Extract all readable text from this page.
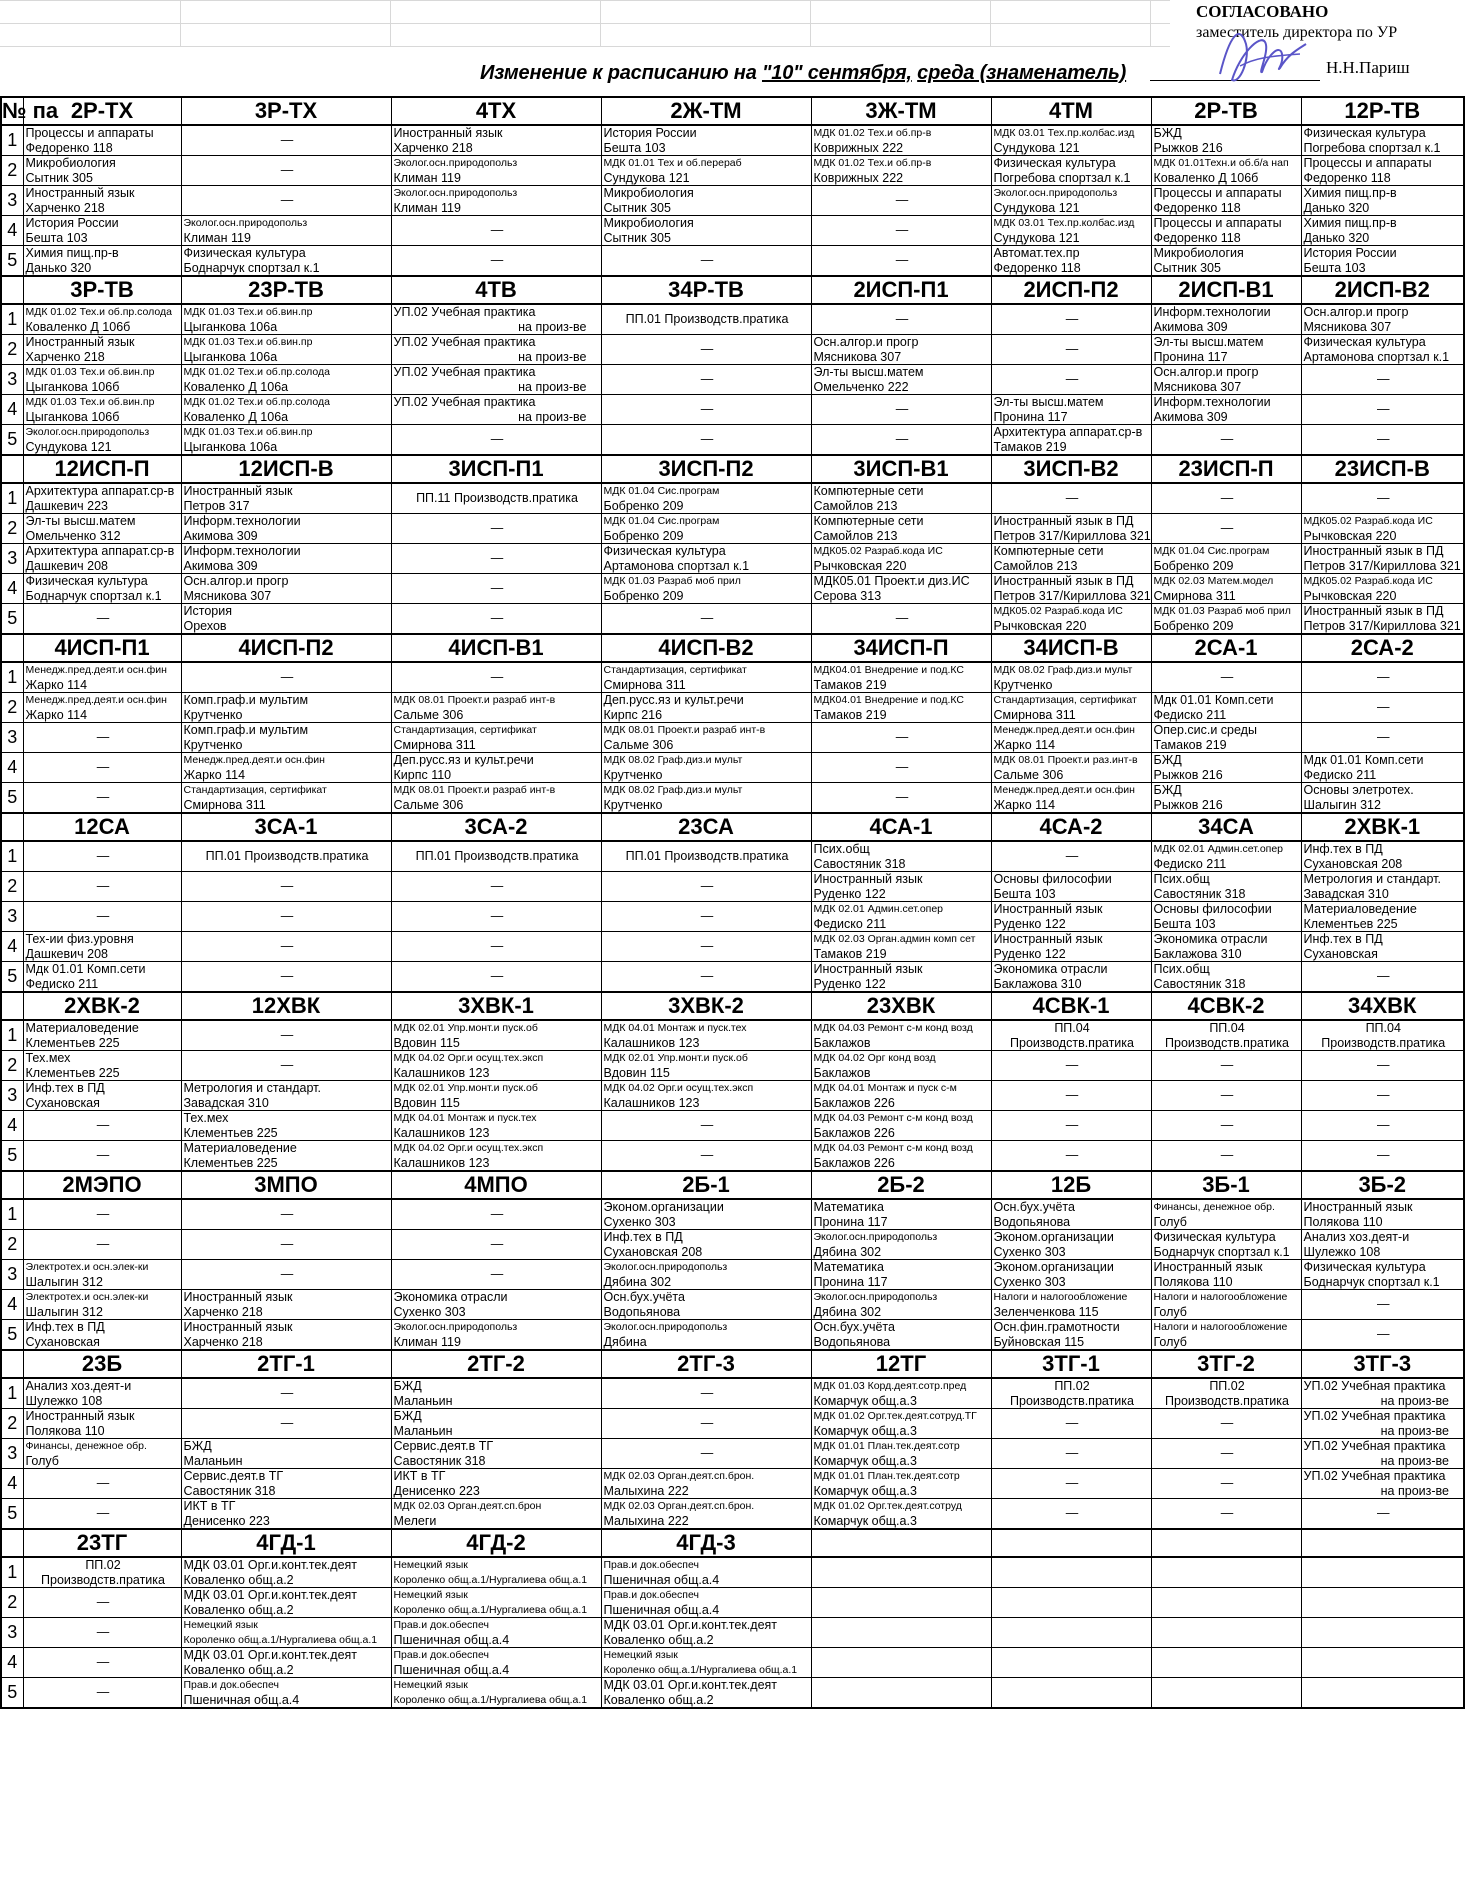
СОГЛАСОВАНО
заместитель директора по УР
Н.Н.Париш
Изменение к расписанию на "10" сентября, среда (знаменатель)
№ па	2Р-ТХ	3Р-ТХ	4ТХ	2Ж-ТМ	3Ж-ТМ	4ТМ	2Р-ТВ	12Р-ТВ
1	Процессы и аппараты
Федоренко 118	—	Иностранный язык
Харченко 218	История России
Бешта 103	МДК 01.02 Тех.и об.пр-в
Коврижных 222	МДК 03.01 Тех.пр.колбас.изд
Сундукова 121	БЖД
Рыжков 216	Физическая культура
Погребова спортзал к.1

2	Микробиология
Сытник 305	—	Эколог.осн.природопольз
Климан 119	МДК 01.01 Тех и об.перераб
Сундукова 121	МДК 01.02 Тех.и об.пр-в
Коврижных 222	Физическая культура
Погребова спортзал к.1	МДК 01.01Техн.и об.б/а нап
Коваленко Д 106б	Процессы и аппараты
Федоренко 118

3	Иностранный язык
Харченко 218	—	Эколог.осн.природопольз
Климан 119	Микробиология
Сытник 305	—	Эколог.осн.природопольз
Сундукова 121	Процессы и аппараты
Федоренко 118	Химия пищ.пр-в
Данько 320

4	История России
Бешта 103	Эколог.осн.природопольз
Климан 119	—	Микробиология
Сытник 305	—	МДК 03.01 Тех.пр.колбас.изд
Сундукова 121	Процессы и аппараты
Федоренко 118	Химия пищ.пр-в
Данько 320

5	Химия пищ.пр-в
Данько 320	Физическая культура
Боднарчук спортзал к.1	—	—	—	Автомат.тех.пр
Федоренко 118	Микробиология
Сытник 305	История России
Бешта 103

	3Р-ТВ	23Р-ТВ	4ТВ	34Р-ТВ	2ИСП-П1	2ИСП-П2	2ИСП-В1	2ИСП-В2
1	МДК 01.02 Тех.и об.пр.солода
Коваленко Д 106б	МДК 01.03 Тех.и об.вин.пр
Цыганкова 106а	УП.02 Учебная практика
на произ-ве	ПП.01 Производств.пратика	—	—	Информ.технологии
Акимова 309	Осн.алгор.и прогр
Мясникова 307

2	Иностранный язык
Харченко 218	МДК 01.03 Тех.и об.вин.пр
Цыганкова 106а	УП.02 Учебная практика
на произ-ве	—	Осн.алгор.и прогр
Мясникова 307	—	Эл-ты высш.матем
Пронина 117	Физическая культура
Артамонова спортзал к.1

3	МДК 01.03 Тех.и об.вин.пр
Цыганкова 106б	МДК 01.02 Тех.и об.пр.солода
Коваленко Д 106а	УП.02 Учебная практика
на произ-ве	—	Эл-ты высш.матем
Омельченко 222	—	Осн.алгор.и прогр
Мясникова 307	—
4	МДК 01.03 Тех.и об.вин.пр
Цыганкова 106б	МДК 01.02 Тех.и об.пр.солода
Коваленко Д 106а	УП.02 Учебная практика
на произ-ве	—	—	Эл-ты высш.матем
Пронина 117	Информ.технологии
Акимова 309	—
5	Эколог.осн.природопольз
Сундукова 121	МДК 01.03 Тех.и об.вин.пр
Цыганкова 106а	—	—	—	Архитектура аппарат.ср-в
Тамаков 219	—	—
	12ИСП-П	12ИСП-В	3ИСП-П1	3ИСП-П2	3ИСП-В1	3ИСП-В2	23ИСП-П	23ИСП-В
1	Архитектура аппарат.ср-в
Дашкевич 223	Иностранный язык
Петров 317	ПП.11 Производств.пратика	МДК 01.04 Сис.програм
Бобренко 209	Компютерные сети
Самойлов 213	—	—	—
2	Эл-ты высш.матем
Омельченко 312	Информ.технологии
Акимова 309	—	МДК 01.04 Сис.програм
Бобренко 209	Компютерные сети
Самойлов 213	Иностранный язык в ПД
Петров 317/Кириллова 321	—	МДК05.02 Разраб.кода ИС
Рычковская 220

3	Архитектура аппарат.ср-в
Дашкевич 208	Информ.технологии
Акимова 309	—	Физическая культура
Артамонова спортзал к.1	МДК05.02 Разраб.кода ИС
Рычковская 220	Компютерные сети
Самойлов 213	МДК 01.04 Сис.програм
Бобренко 209	Иностранный язык в ПД
Петров 317/Кириллова 321

4	Физическая культура
Боднарчук спортзал к.1	Осн.алгор.и прогр
Мясникова 307	—	МДК 01.03 Разраб моб прил
Бобренко 209	МДК05.01 Проект.и диз.ИС
Серова 313	Иностранный язык в ПД
Петров 317/Кириллова 321	МДК 02.03 Матем.модел
Смирнова 311	МДК05.02 Разраб.кода ИС
Рычковская 220

5	—	История
Орехов	—	—	—	МДК05.02 Разраб.кода ИС
Рычковская 220	МДК 01.03 Разраб моб прил
Бобренко 209	Иностранный язык в ПД
Петров 317/Кириллова 321

	4ИСП-П1	4ИСП-П2	4ИСП-В1	4ИСП-В2	34ИСП-П	34ИСП-В	2СА-1	2СА-2
1	Менедж.пред.деят.и осн.фин
Жарко 114	—	—	Стандартизация, сертификат
Смирнова 311	МДК04.01 Внедрение и под.КС
Тамаков 219	МДК 08.02 Граф.диз.и мульт
Крутченко	—	—
2	Менедж.пред.деят.и осн.фин
Жарко 114	Комп.граф.и мультим
Крутченко	МДК 08.01 Проект.и разраб инт-в
Сальме 306	Деп.русс.яз и культ.речи
Кирпс 216	МДК04.01 Внедрение и под.КС
Тамаков 219	Стандартизация, сертификат
Смирнова 311	Мдк 01.01 Комп.сети
Федиско 211	—
3	—	Комп.граф.и мультим
Крутченко	Стандартизация, сертификат
Смирнова 311	МДК 08.01 Проект.и разраб инт-в
Сальме 306	—	Менедж.пред.деят.и осн.фин
Жарко 114	Опер.сис.и среды
Тамаков 219	—
4	—	Менедж.пред.деят.и осн.фин
Жарко 114	Деп.русс.яз и культ.речи
Кирпс 110	МДК 08.02 Граф.диз.и мульт
Крутченко	—	МДК 08.01 Проект.и раз.инт-в
Сальме 306	БЖД
Рыжков 216	Мдк 01.01 Комп.сети
Федиско 211

5	—	Стандартизация, сертификат
Смирнова 311	МДК 08.01 Проект.и разраб инт-в
Сальме 306	МДК 08.02 Граф.диз.и мульт
Крутченко	—	Менедж.пред.деят.и осн.фин
Жарко 114	БЖД
Рыжков 216	Основы элетротех.
Шалыгин 312

	12СА	3СА-1	3СА-2	23СА	4СА-1	4СА-2	34СА	2ХВК-1
1	—	ПП.01 Производств.пратика	ПП.01 Производств.пратика	ПП.01 Производств.пратика	Псих.общ
Савостяник 318	—	МДК 02.01 Админ.сет.опер
Федиско 211	Инф.тех в ПД
Сухановская 208

2	—	—	—	—	Иностранный язык
Руденко 122	Основы философии
Бешта 103	Псих.общ
Савостяник 318	Метрология и стандарт.
Завадская 310

3	—	—	—	—	МДК 02.01 Админ.сет.опер
Федиско 211	Иностранный язык
Руденко 122	Основы философии
Бешта 103	Материаловедение
Клементьев 225

4	Тех-ии физ.уровня
Дашкевич 208	—	—	—	МДК 02.03 Орган.админ комп сет
Тамаков 219	Иностранный язык
Руденко 122	Экономика отрасли
Баклажова 310	Инф.тех в ПД
Сухановская

5	Мдк 01.01 Комп.сети
Федиско 211	—	—	—	Иностранный язык
Руденко 122	Экономика отрасли
Баклажова 310	Псих.общ
Савостяник 318	—
	2ХВК-2	12ХВК	3ХВК-1	3ХВК-2	23ХВК	4СВК-1	4СВК-2	34ХВК
1	Материаловедение
Клементьев 225	—	МДК 02.01 Упр.монт.и пуск.об
Вдовин 115	МДК 04.01 Монтаж и пуск.тех
Калашников 123	МДК 04.03 Ремонт с-м конд возд
Баклажов	ПП.04
Производств.пратика	ПП.04
Производств.пратика	ПП.04
Производств.пратика

2	Тех.мех
Клементьев 225	—	МДК 04.02 Орг.и осущ.тех.эксп
Калашников 123	МДК 02.01 Упр.монт.и пуск.об
Вдовин 115	МДК 04.02 Орг конд возд
Баклажов	—	—	—
3	Инф.тех в ПД
Сухановская	Метрология и стандарт.
Завадская 310	МДК 02.01 Упр.монт.и пуск.об
Вдовин 115	МДК 04.02 Орг.и осущ.тех.эксп
Калашников 123	МДК 04.01 Монтаж и пуск с-м
Баклажов 226	—	—	—
4	—	Тех.мех
Клементьев 225	МДК 04.01 Монтаж и пуск.тех
Калашников 123	—	МДК 04.03 Ремонт с-м конд возд
Баклажов 226	—	—	—
5	—	Материаловедение
Клементьев 225	МДК 04.02 Орг.и осущ.тех.эксп
Калашников 123	—	МДК 04.03 Ремонт с-м конд возд
Баклажов 226	—	—	—
	2МЭПО	3МПО	4МПО	2Б-1	2Б-2	12Б	3Б-1	3Б-2
1	—	—	—	Эконом.организации
Сухенко 303	Математика
Пронина 117	Осн.бух.учёта
Водопьянова	Финансы, денежное обр.
Голуб	Иностранный язык
Полякова 110

2	—	—	—	Инф.тех в ПД
Сухановская 208	Эколог.осн.природопольз
Дябина 302	Эконом.организации
Сухенко 303	Физическая культура
Боднарчук спортзал к.1	Анализ хоз.деят-и
Шулежко 108

3	Электротех.и осн.элек-ки
Шалыгин 312	—	—	Эколог.осн.природопольз
Дябина 302	Математика
Пронина 117	Эконом.организации
Сухенко 303	Иностранный язык
Полякова 110	Физическая культура
Боднарчук спортзал к.1

4	Электротех.и осн.элек-ки
Шалыгин 312	Иностранный язык
Харченко 218	Экономика отрасли
Сухенко 303	Осн.бух.учёта
Водопьянова	Эколог.осн.природопольз
Дябина 302	Налоги и налогообложение
Зеленченкова 115	Налоги и налогообложение
Голуб	—
5	Инф.тех в ПД
Сухановская	Иностранный язык
Харченко 218	Эколог.осн.природопольз
Климан 119	Эколог.осн.природопольз
Дябина	Осн.бух.учёта
Водопьянова	Осн.фин.грамотности
Буйновская 115	Налоги и налогообложение
Голуб	—
	23Б	2ТГ-1	2ТГ-2	2ТГ-3	12ТГ	3ТГ-1	3ТГ-2	3ТГ-3
1	Анализ хоз.деят-и
Шулежко 108	—	БЖД
Маланьин	—	МДК 01.03 Корд.деят.сотр.пред
Комарчук общ.а.3	ПП.02
Производств.пратика	ПП.02
Производств.пратика	УП.02 Учебная практика
на произ-ве

2	Иностранный язык
Полякова 110	—	БЖД
Маланьин	—	МДК 01.02 Орг.тек.деят.сотруд.ТГ
Комарчук общ.а.3	—	—	УП.02 Учебная практика
на произ-ве

3	Финансы, денежное обр.
Голуб	БЖД
Маланьин	Сервис.деят.в ТГ
Савостяник 318	—	МДК 01.01 План.тек.деят.сотр
Комарчук общ.а.3	—	—	УП.02 Учебная практика
на произ-ве

4	—	Сервис.деят.в ТГ
Савостяник 318	ИКТ в ТГ
Денисенко 223	МДК 02.03 Орган.деят.сп.брон.
Малыхина 222	МДК 01.01 План.тек.деят.сотр
Комарчук общ.а.3	—	—	УП.02 Учебная практика
на произ-ве

5	—	ИКТ в ТГ
Денисенко 223	МДК 02.03 Орган.деят.сп.брон
Мелеги	МДК 02.03 Орган.деят.сп.брон.
Малыхина 222	МДК 01.02 Орг.тек.деят.сотруд
Комарчук общ.а.3	—	—	—
	23ТГ	4ГД-1	4ГД-2	4ГД-3				
1	ПП.02
Производств.пратика	МДК 03.01 Орг.и.конт.тек.деят
Коваленко общ.а.2	Немецкий язык
Короленко общ.а.1/Нургалиева общ.а.1	Прав.и док.обеспеч
Пшеничная общ.а.4				

2	—	МДК 03.01 Орг.и.конт.тек.деят
Коваленко общ.а.2	Немецкий язык
Короленко общ.а.1/Нургалиева общ.а.1	Прав.и док.обеспеч
Пшеничная общ.а.4				

3	—	Немецкий язык
Короленко общ.а.1/Нургалиева общ.а.1	Прав.и док.обеспеч
Пшеничная общ.а.4	МДК 03.01 Орг.и.конт.тек.деят
Коваленко общ.а.2				

4	—	МДК 03.01 Орг.и.конт.тек.деят
Коваленко общ.а.2	Прав.и док.обеспеч
Пшеничная общ.а.4	Немецкий язык
Короленко общ.а.1/Нургалиева общ.а.1				

5	—	Прав.и док.обеспеч
Пшеничная общ.а.4	Немецкий язык
Короленко общ.а.1/Нургалиева общ.а.1	МДК 03.01 Орг.и.конт.тек.деят
Коваленко общ.а.2				
